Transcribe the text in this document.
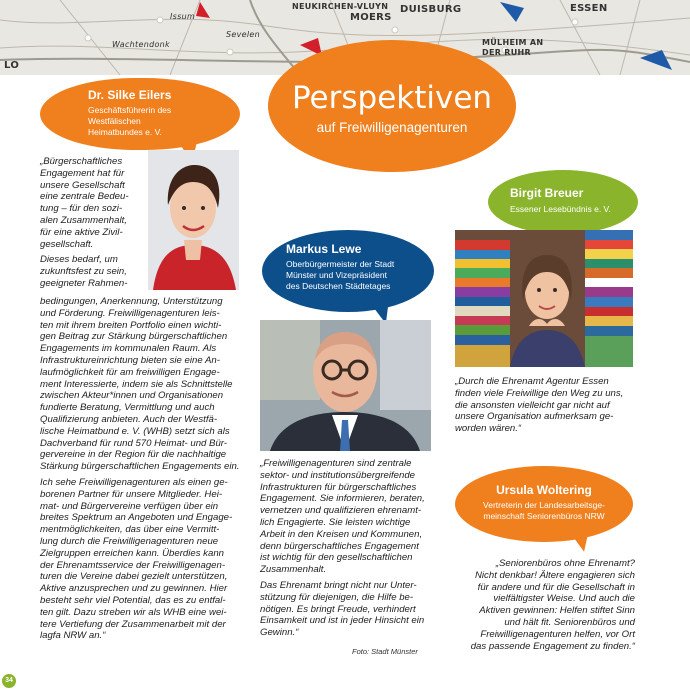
NEUKIRCHEN-VLUYN DUISBURG
MOERS
ESSEN
Issum
Wachtendonk
Sevelen
MÜLHEIM AN DER RUHR
LO
Perspektiven
auf Freiwilligenagenturen
Dr. Silke Eilers
Geschäftsführerin des
Westfälischen
Heimatbundes e. V.
„Bürgerschaftliches
Engagement hat für
unsere Gesellschaft
eine zentrale Bedeu-
tung – für den sozi-
alen Zusammenhalt,
für eine aktive Zivil-
gesellschaft.
Dieses bedarf, um
zukunftsfest zu sein,
geeigneter Rahmen-
bedingungen, Anerkennung, Unterstützung
und Förderung. Freiwilligenagenturen leis-
ten mit ihrem breiten Portfolio einen wichti-
gen Beitrag zur Stärkung bürgerschaftlichen
Engagements im kommunalen Raum. Als
Infrastruktureinrichtung bieten sie eine An-
laufmöglichkeit für am freiwilligen Engage-
ment Interessierte, indem sie als Schnittstelle
zwischen Akteur*innen und Organisationen
fundierte Beratung, Vermittlung und auch
Qualifizierung anbieten. Auch der Westfä-
lische Heimatbund e. V. (WHB) setzt sich als
Dachverband für rund 570 Heimat- und Bür-
gervereine in der Region für die nachhaltige
Stärkung bürgerschaftlichen Engagements ein.
Ich sehe Freiwilligenagenturen als einen ge-
borenen Partner für unsere Mitglieder. Hei-
mat- und Bürgervereine verfügen über ein
breites Spektrum an Angeboten und Engage-
mentmöglichkeiten, das über eine Vermitt-
lung durch die Freiwilligenagenturen neue
Zielgruppen erreichen kann. Überdies kann
der Ehrenamtsservice der Freiwilligenagen-
turen die Vereine dabei gezielt unterstützen,
Aktive anzusprechen und zu gewinnen. Hier
besteht sehr viel Potential, das es zu entfal-
ten gilt. Dazu streben wir als WHB eine wei-
tere Vertiefung der Zusammenarbeit mit der
lagfa NRW an.“
Markus Lewe
Oberbürgermeister der Stadt
Münster und Vizepräsident
des Deutschen Städtetages
„Freiwilligenagenturen sind zentrale
sektor- und institutionsübergreifende
Infrastrukturen für bürgerschaftliches
Engagement. Sie informieren, beraten,
vernetzen und qualifizieren ehrenamt-
lich Engagierte. Sie leisten wichtige
Arbeit in den Kreisen und Kommunen,
denn bürgerschaftliches Engagement
ist wichtig für den gesellschaftlichen
Zusammenhalt.
Das Ehrenamt bringt nicht nur Unter-
stützung für diejenigen, die Hilfe be-
nötigen. Es bringt Freude, verhindert
Einsamkeit und ist in jeder Hinsicht ein
Gewinn.“
Foto: Stadt Münster
Birgit Breuer
Essener Lesebündnis e. V.
„Durch die Ehrenamt Agentur Essen
finden viele Freiwillige den Weg zu uns,
die ansonsten vielleicht gar nicht auf
unsere Organisation aufmerksam ge-
worden wären.“
Ursula Woltering
Vertreterin der Landesarbeitsge-
meinschaft Seniorenbüros NRW
„Seniorenbüros ohne Ehrenamt?
Nicht denkbar! Ältere engagieren sich
für andere und für die Gesellschaft in
vielfältigster Weise. Und auch die
Aktiven gewinnen: Helfen stiftet Sinn
und hält fit. Seniorenbüros und
Freiwilligenagenturen helfen, vor Ort
das passende Engagement zu finden.“
34
